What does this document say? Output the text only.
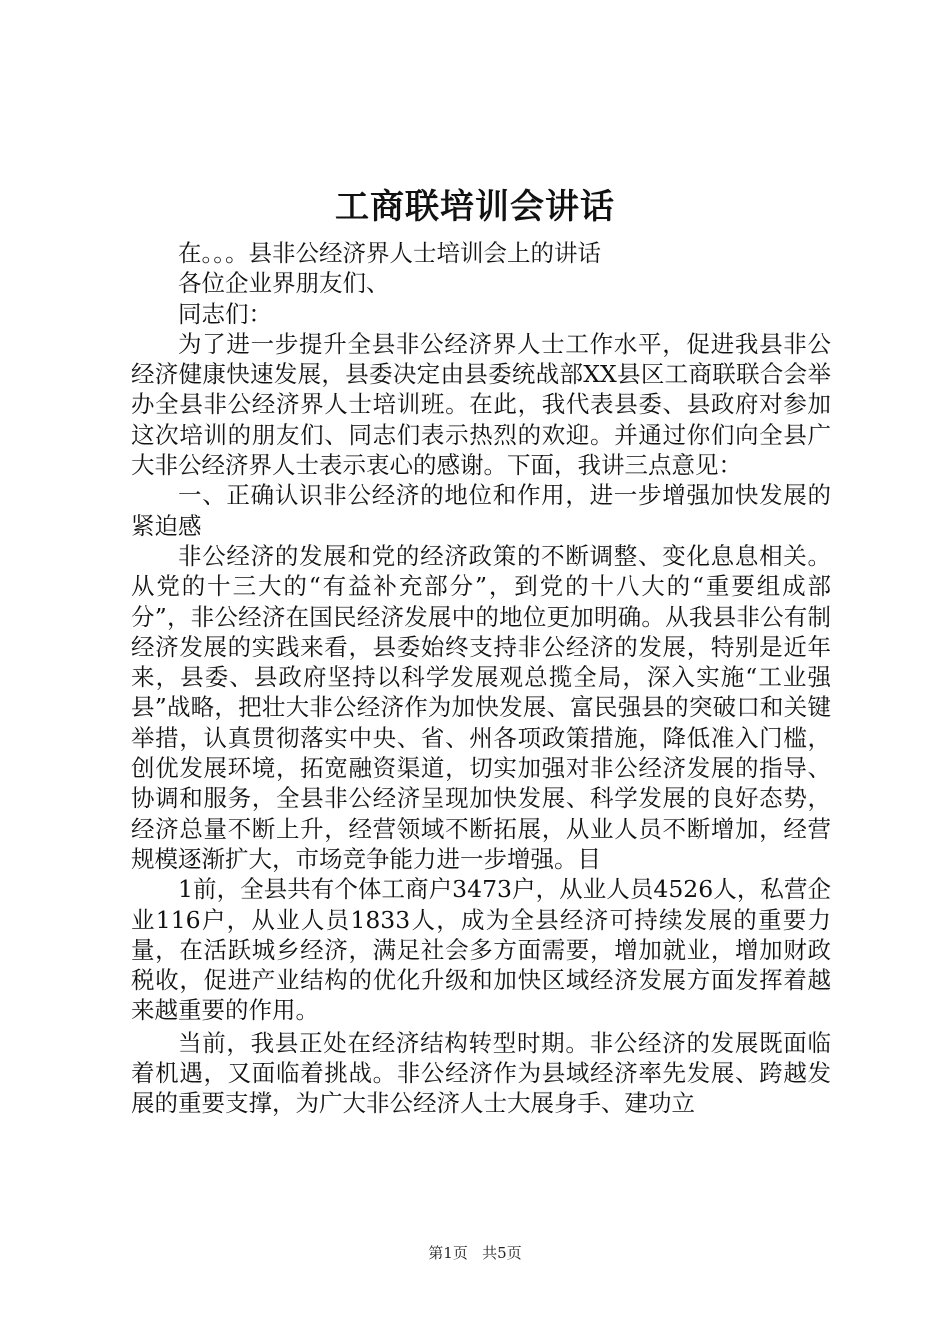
工商联培训会讲话

在。。。县非公经济界人士培训会上的讲话

各位企业界朋友们、

同志们：

为了进一步提升全县非公经济界人士工作水平，促进我县非公经济健康快速发展，县委决定由县委统战部XX县区工商联联合会举办全县非公经济界人士培训班。在此，我代表县委、县政府对参加这次培训的朋友们、同志们表示热烈的欢迎。并通过你们向全县广大非公经济界人士表示衷心的感谢。下面，我讲三点意见：

一、正确认识非公经济的地位和作用，进一步增强加快发展的紧迫感

非公经济的发展和党的经济政策的不断调整、变化息息相关。从党的十三大的“有益补充部分”，到党的十八大的“重要组成部分”，非公经济在国民经济发展中的地位更加明确。从我县非公有制经济发展的实践来看，县委始终支持非公经济的发展，特别是近年来，县委、县政府坚持以科学发展观总揽全局，深入实施“工业强县”战略，把壮大非公经济作为加快发展、富民强县的突破口和关键举措，认真贯彻落实中央、省、州各项政策措施，降低准入门槛，创优发展环境，拓宽融资渠道，切实加强对非公经济发展的指导、协调和服务，全县非公经济呈现加快发展、科学发展的良好态势，经济总量不断上升，经营领域不断拓展，从业人员不断增加，经营规模逐渐扩大，市场竞争能力进一步增强。目

1前，全县共有个体工商户3473户，从业人员4526人，私营企业116户，从业人员1833人，成为全县经济可持续发展的重要力量，在活跃城乡经济，满足社会多方面需要，增加就业，增加财政税收，促进产业结构的优化升级和加快区域经济发展方面发挥着越来越重要的作用。

当前，我县正处在经济结构转型时期。非公经济的发展既面临着机遇，又面临着挑战。非公经济作为县域经济率先发展、跨越发展的重要支撑，为广大非公经济人士大展身手、建功立

第1页 共5页
